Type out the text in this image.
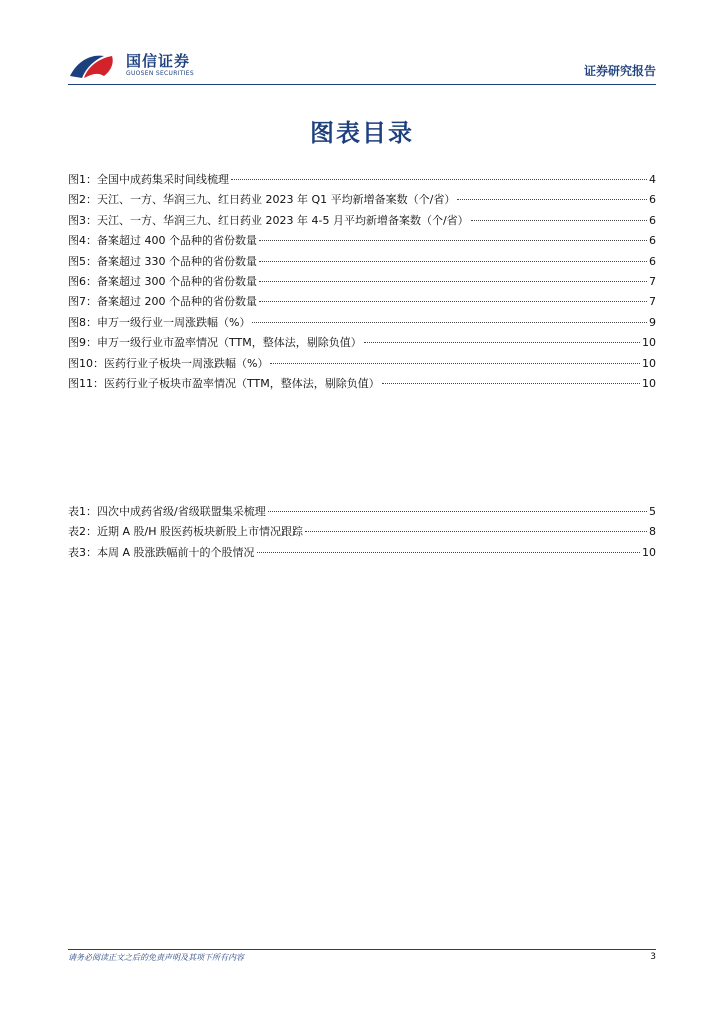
国信证券
GUOSEN SECURITIES	证券研究报告
图表目录
图1： 全国中成药集采时间线梳理	4
图2： 天江、一方、华润三九、红日药业 2023 年 Q1 平均新增备案数（个/省）	6
图3： 天江、一方、华润三九、红日药业 2023 年 4-5 月平均新增备案数（个/省）	6
图4： 备案超过 400 个品种的省份数量	6
图5： 备案超过 330 个品种的省份数量	6
图6： 备案超过 300 个品种的省份数量	7
图7： 备案超过 200 个品种的省份数量	7
图8： 申万一级行业一周涨跌幅（%）	9
图9： 申万一级行业市盈率情况（TTM，整体法，剔除负值）	10
图10： 医药行业子板块一周涨跌幅（%）	10
图11： 医药行业子板块市盈率情况（TTM，整体法，剔除负值）	10
表1： 四次中成药省级/省级联盟集采梳理	5
表2： 近期 A 股/H 股医药板块新股上市情况跟踪	8
表3： 本周 A 股涨跌幅前十的个股情况	10
请务必阅读正文之后的免责声明及其项下所有内容	3
